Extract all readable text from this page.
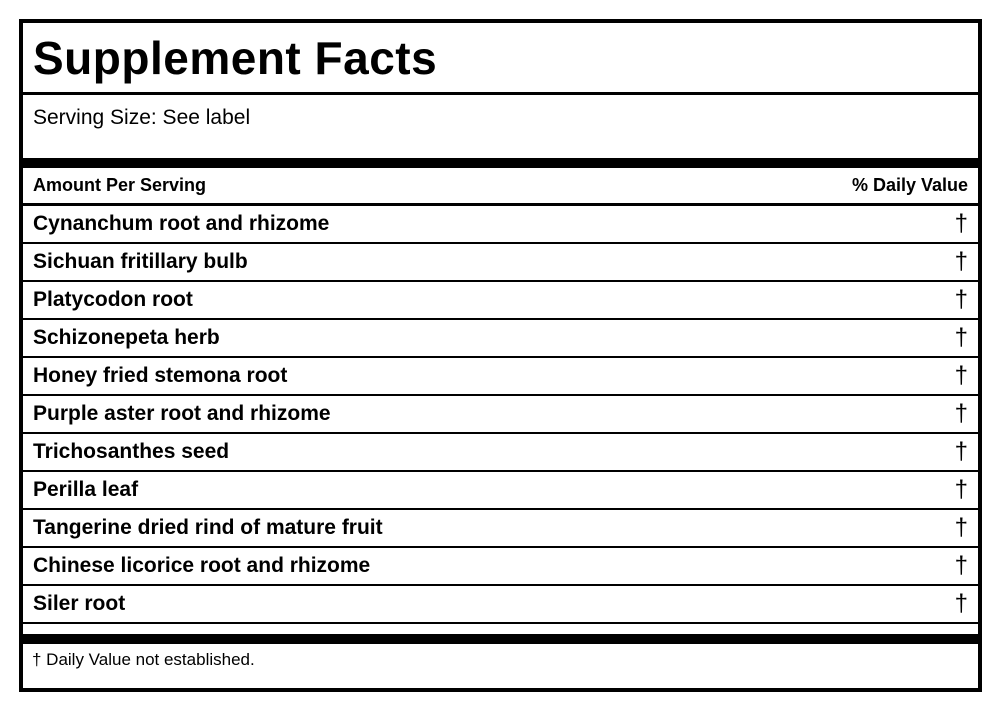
Supplement Facts
Serving Size: See label
Amount Per Serving	% Daily Value
Cynanchum root and rhizome	†
Sichuan fritillary bulb	†
Platycodon root	†
Schizonepeta herb	†
Honey fried stemona root	†
Purple aster root and rhizome	†
Trichosanthes seed	†
Perilla leaf	†
Tangerine dried rind of mature fruit	†
Chinese licorice root and rhizome	†
Siler root	†
† Daily Value not established.
